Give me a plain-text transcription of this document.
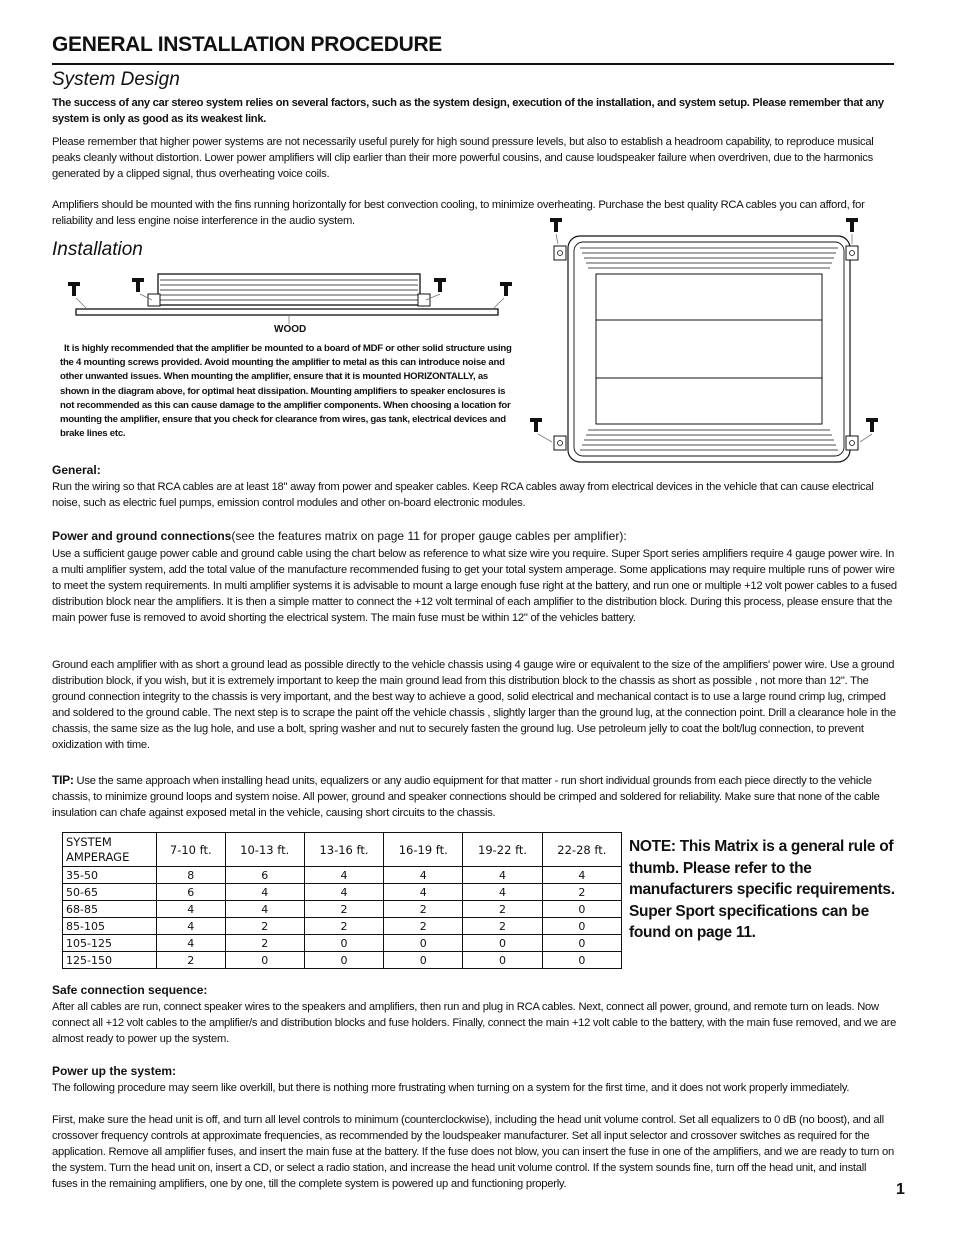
GENERAL INSTALLATION PROCEDURE
System Design
The success of any car stereo system relies on several factors, such as the system design, execution of the installation, and system setup. Please remember that any system is only as good as its weakest link.
Please remember that higher power systems are not necessarily useful purely for high sound pressure levels, but also to establish a headroom capability, to reproduce musical peaks cleanly without distortion. Lower power amplifiers will clip earlier than their more powerful cousins, and cause loudspeaker failure when overdriven, due to the harmonics generated by a clipped signal, thus overheating voice coils.
Amplifiers should be mounted with the fins running horizontally for best convection cooling, to minimize overheating. Purchase the best quality RCA cables you can afford, for reliability and less engine noise interference in the audio system.
Installation
WOOD
It is highly recommended that the amplifier be mounted to a board of MDF or other solid structure using the 4 mounting screws provided. Avoid mounting the amplifier to metal as this can introduce noise and other unwanted issues. When mounting the amplifier, ensure that it is mounted HORIZONTALLY, as shown in the diagram above, for optimal heat dissipation. Mounting amplifiers to speaker enclosures is not recommended as this can cause damage to the amplifier components. When choosing a location for mounting the amplifier, ensure that you check for clearance from wires, gas tank, electrical devices and brake lines etc.
General:
Run the wiring so that RCA cables are at least 18" away from power and speaker cables. Keep RCA cables away from electrical devices in the vehicle that can cause electrical noise, such as electric fuel pumps, emission control modules and other on-board electronic modules.
Power and ground connections(see the features matrix on page 11 for proper gauge cables per amplifier):
Use a sufficient gauge power cable and ground cable using the chart below as reference to what size wire you require. Super Sport series amplifiers require 4 gauge power wire. In a multi amplifier system, add the total value of the manufacture recommended fusing to get your total system amperage. Some applications may require multiple runs of power wire to meet the system requirements. In multi amplifier systems it is advisable to mount a large enough fuse right at the battery, and run one or multiple +12 volt power cables to a fused distribution block near the amplifiers. It is then a simple matter to connect the +12 volt terminal of each amplifier to the distribution block. During this process, please ensure that the main power fuse is removed to avoid shorting the electrical system. The main fuse must be within 12" of the vehicles battery.
Ground each amplifier with as short a ground lead as possible directly to the vehicle chassis using 4 gauge wire or equivalent to the size of the amplifiers' power wire. Use a ground distribution block, if you wish, but it is extremely important to keep the main ground lead from this distribution block to the chassis as short as possible , not more than 12". The ground connection integrity to the chassis is very important, and the best way to achieve a good, solid electrical and mechanical contact is to use a large round crimp lug, crimped and soldered to the ground cable. The next step is to scrape the paint off the vehicle chassis , slightly larger than the ground lug, at the connection point. Drill a clearance hole in the chassis, the same size as the lug hole, and use a bolt, spring washer and nut to securely fasten the ground lug. Use petroleum jelly to coat the bolt/lug connection, to prevent oxidization with time.
TIP: Use the same approach when installing head units, equalizers or any audio equipment for that matter - run short individual grounds from each piece directly to the vehicle chassis, to minimize ground loops and system noise. All power, ground and speaker connections should be crimped and soldered for reliability. Make sure that none of the cable insulation can chafe against exposed metal in the vehicle, causing short circuits to the chassis.
SYSTEM
AMPERAGE	7-10 ft.	10-13 ft.	13-16 ft.	16-19 ft.	19-22 ft.	22-28 ft.
35-50	8	6	4	4	4	4
50-65	6	4	4	4	4	2
68-85	4	4	2	2	2	0
85-105	4	2	2	2	2	0
105-125	4	2	0	0	0	0
125-150	2	0	0	0	0	0
NOTE: This Matrix is a general rule of thumb. Please refer to the manufacturers specific requirements. Super Sport specifications can be found on page 11.
Safe connection sequence:
After all cables are run, connect speaker wires to the speakers and amplifiers, then run and plug in RCA cables. Next, connect all power, ground, and remote turn on leads. Now connect all +12 volt cables to the amplifier/s and distribution blocks and fuse holders. Finally, connect the main +12 volt cable to the battery, with the main fuse removed, and we are almost ready to power up the system.
Power up the system:
The following procedure may seem like overkill, but there is nothing more frustrating when turning on a system for the first time, and it does not work properly immediately.
First, make sure the head unit is off, and turn all level controls to minimum (counterclockwise), including the head unit volume control. Set all equalizers to 0 dB (no boost), and all crossover frequency controls at approximate frequencies, as recommended by the loudspeaker manufacturer. Set all input selector and crossover switches as required for the application. Remove all amplifier fuses, and insert the main fuse at the battery. If the fuse does not blow, you can insert the fuse in one of the amplifiers, and we are ready to turn on the system. Turn the head unit on, insert a CD, or select a radio station, and increase the head unit volume control. If the system sounds fine, turn off the head unit, and install fuses in the remaining amplifiers, one by one, till the complete system is powered up and functioning properly.	1
